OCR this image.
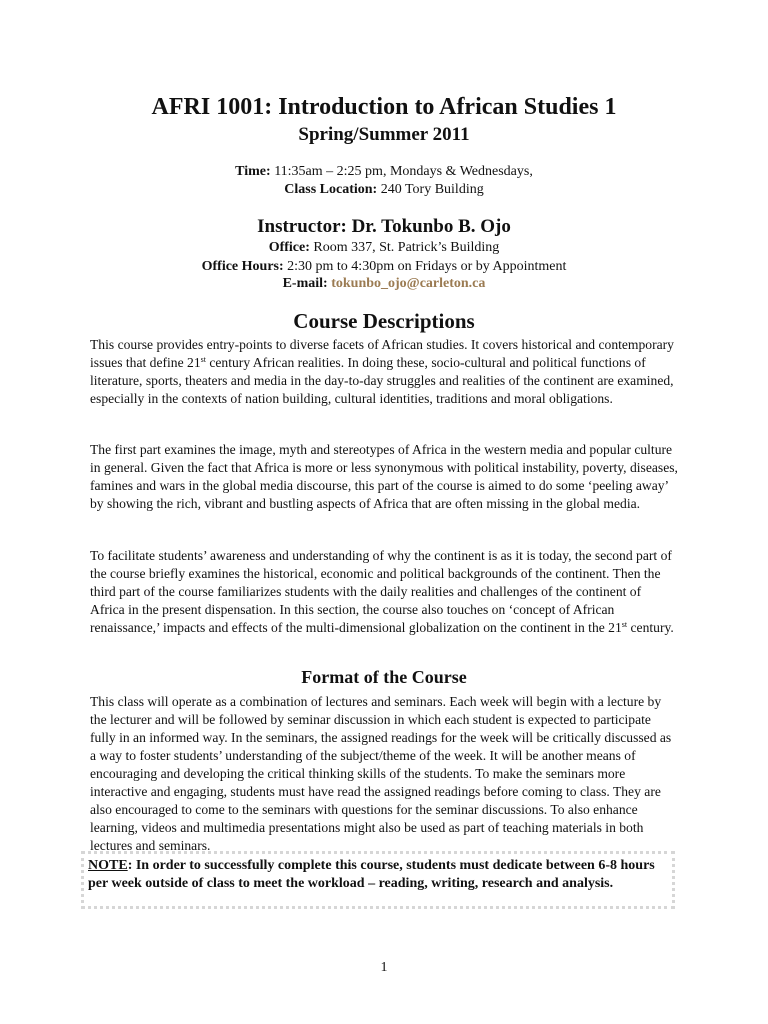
AFRI 1001: Introduction to African Studies 1
Spring/Summer 2011
Time: 11:35am – 2:25 pm, Mondays & Wednesdays,
Class Location: 240 Tory Building
Instructor: Dr. Tokunbo B. Ojo
Office: Room 337, St. Patrick’s Building
Office Hours: 2:30 pm to 4:30pm on Fridays or by Appointment
E-mail: tokunbo_ojo@carleton.ca
Course Descriptions

This course provides entry-points to diverse facets of African studies. It covers historical and contemporary issues that define 21st century African realities. In doing these, socio-cultural and political functions of literature, sports, theaters and media in the day-to-day struggles and realities of the continent are examined, especially in the contexts of nation building, cultural identities, traditions and moral obligations.

The first part examines the image, myth and stereotypes of Africa in the western media and popular culture in general. Given the fact that Africa is more or less synonymous with political instability, poverty, diseases, famines and wars in the global media discourse, this part of the course is aimed to do some ‘peeling away’ by showing the rich, vibrant and bustling aspects of Africa that are often missing in the global media.

To facilitate students’ awareness and understanding of why the continent is as it is today, the second part of the course briefly examines the historical, economic and political backgrounds of the continent. Then the third part of the course familiarizes students with the daily realities and challenges of the continent of Africa in the present dispensation. In this section, the course also touches on ‘concept of African renaissance,’ impacts and effects of the multi-dimensional globalization on the continent in the 21st century.

Format of the Course

This class will operate as a combination of lectures and seminars. Each week will begin with a lecture by the lecturer and will be followed by seminar discussion in which each student is expected to participate fully in an informed way. In the seminars, the assigned readings for the week will be critically discussed as a way to foster students’ understanding of the subject/theme of the week. It will be another means of encouraging and developing the critical thinking skills of the students. To make the seminars more interactive and engaging, students must have read the assigned readings before coming to class. They are also encouraged to come to the seminars with questions for the seminar discussions. To also enhance learning, videos and multimedia presentations might also be used as part of teaching materials in both lectures and seminars.

NOTE: In order to successfully complete this course, students must dedicate between 6-8 hours per week outside of class to meet the workload – reading, writing, research and analysis.
1
